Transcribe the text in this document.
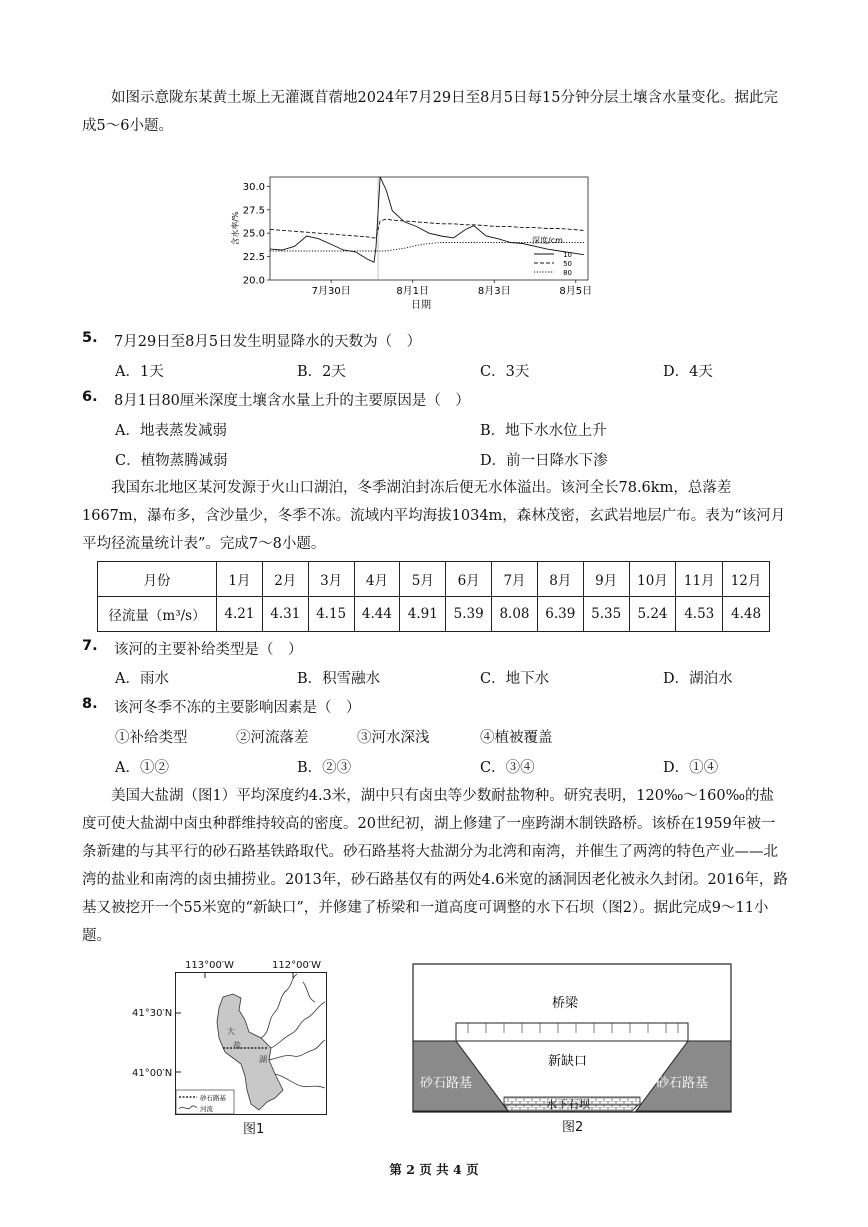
如图示意陇东某黄土塬上无灌溉苜蓿地2024年7月29日至8月5日每15分钟分层土壤含水量变化。据此完成5～6小题。
20.0
22.5
25.0
27.5
30.0
7月30日	8月1日	8月3日	8月5日
日期
含水率/%	深度/cm
10
50
80
5. 7月29日至8月5日发生明显降水的天数为（　）
A．1天	B．2天	C．3天	D．4天
6. 8月1日80厘米深度土壤含水量上升的主要原因是（　）
A．地表蒸发减弱	B．地下水水位上升
C．植物蒸腾减弱	D．前一日降水下渗
我国东北地区某河发源于火山口湖泊，冬季湖泊封冻后便无水体溢出。该河全长78.6km，总落差1667m，瀑布多，含沙量少，冬季不冻。流域内平均海拔1034m，森林茂密，玄武岩地层广布。表为“该河月平均径流量统计表”。完成7～8小题。
月份	1月	2月	3月	4月	5月	6月	7月	8月	9月	10月	11月	12月
径流量（m³/s）	4.21	4.31	4.15	4.44	4.91	5.39	8.08	6.39	5.35	5.24	4.53	4.48
7. 该河的主要补给类型是（　）
A．雨水	B．积雪融水	C．地下水	D．湖泊水
8. 该河冬季不冻的主要影响因素是（　）
①补给类型	②河流落差	③河水深浅	④植被覆盖
A．①②	B．②③	C．③④	D．①④
美国大盐湖（图1）平均深度约4.3米，湖中只有卤虫等少数耐盐物种。研究表明，120‰～160‰的盐度可使大盐湖中卤虫种群维持较高的密度。20世纪初，湖上修建了一座跨湖木制铁路桥。该桥在1959年被一条新建的与其平行的砂石路基铁路取代。砂石路基将大盐湖分为北湾和南湾，并催生了两湾的特色产业——北湾的盐业和南湾的卤虫捕捞业。2013年，砂石路基仅有的两处4.6米宽的涵洞因老化被永久封闭。2016年，路基又被挖开一个55米宽的“新缺口”，并修建了桥梁和一道高度可调整的水下石坝（图2）。据此完成9～11小题。
113°00′W	112°00′W
41°30′N
41°00′N
大
盐
湖
砂石路基
河流
图1
桥梁
新缺口
砂石路基	砂石路基
水下石坝
图2
第 2 页 共 4 页
